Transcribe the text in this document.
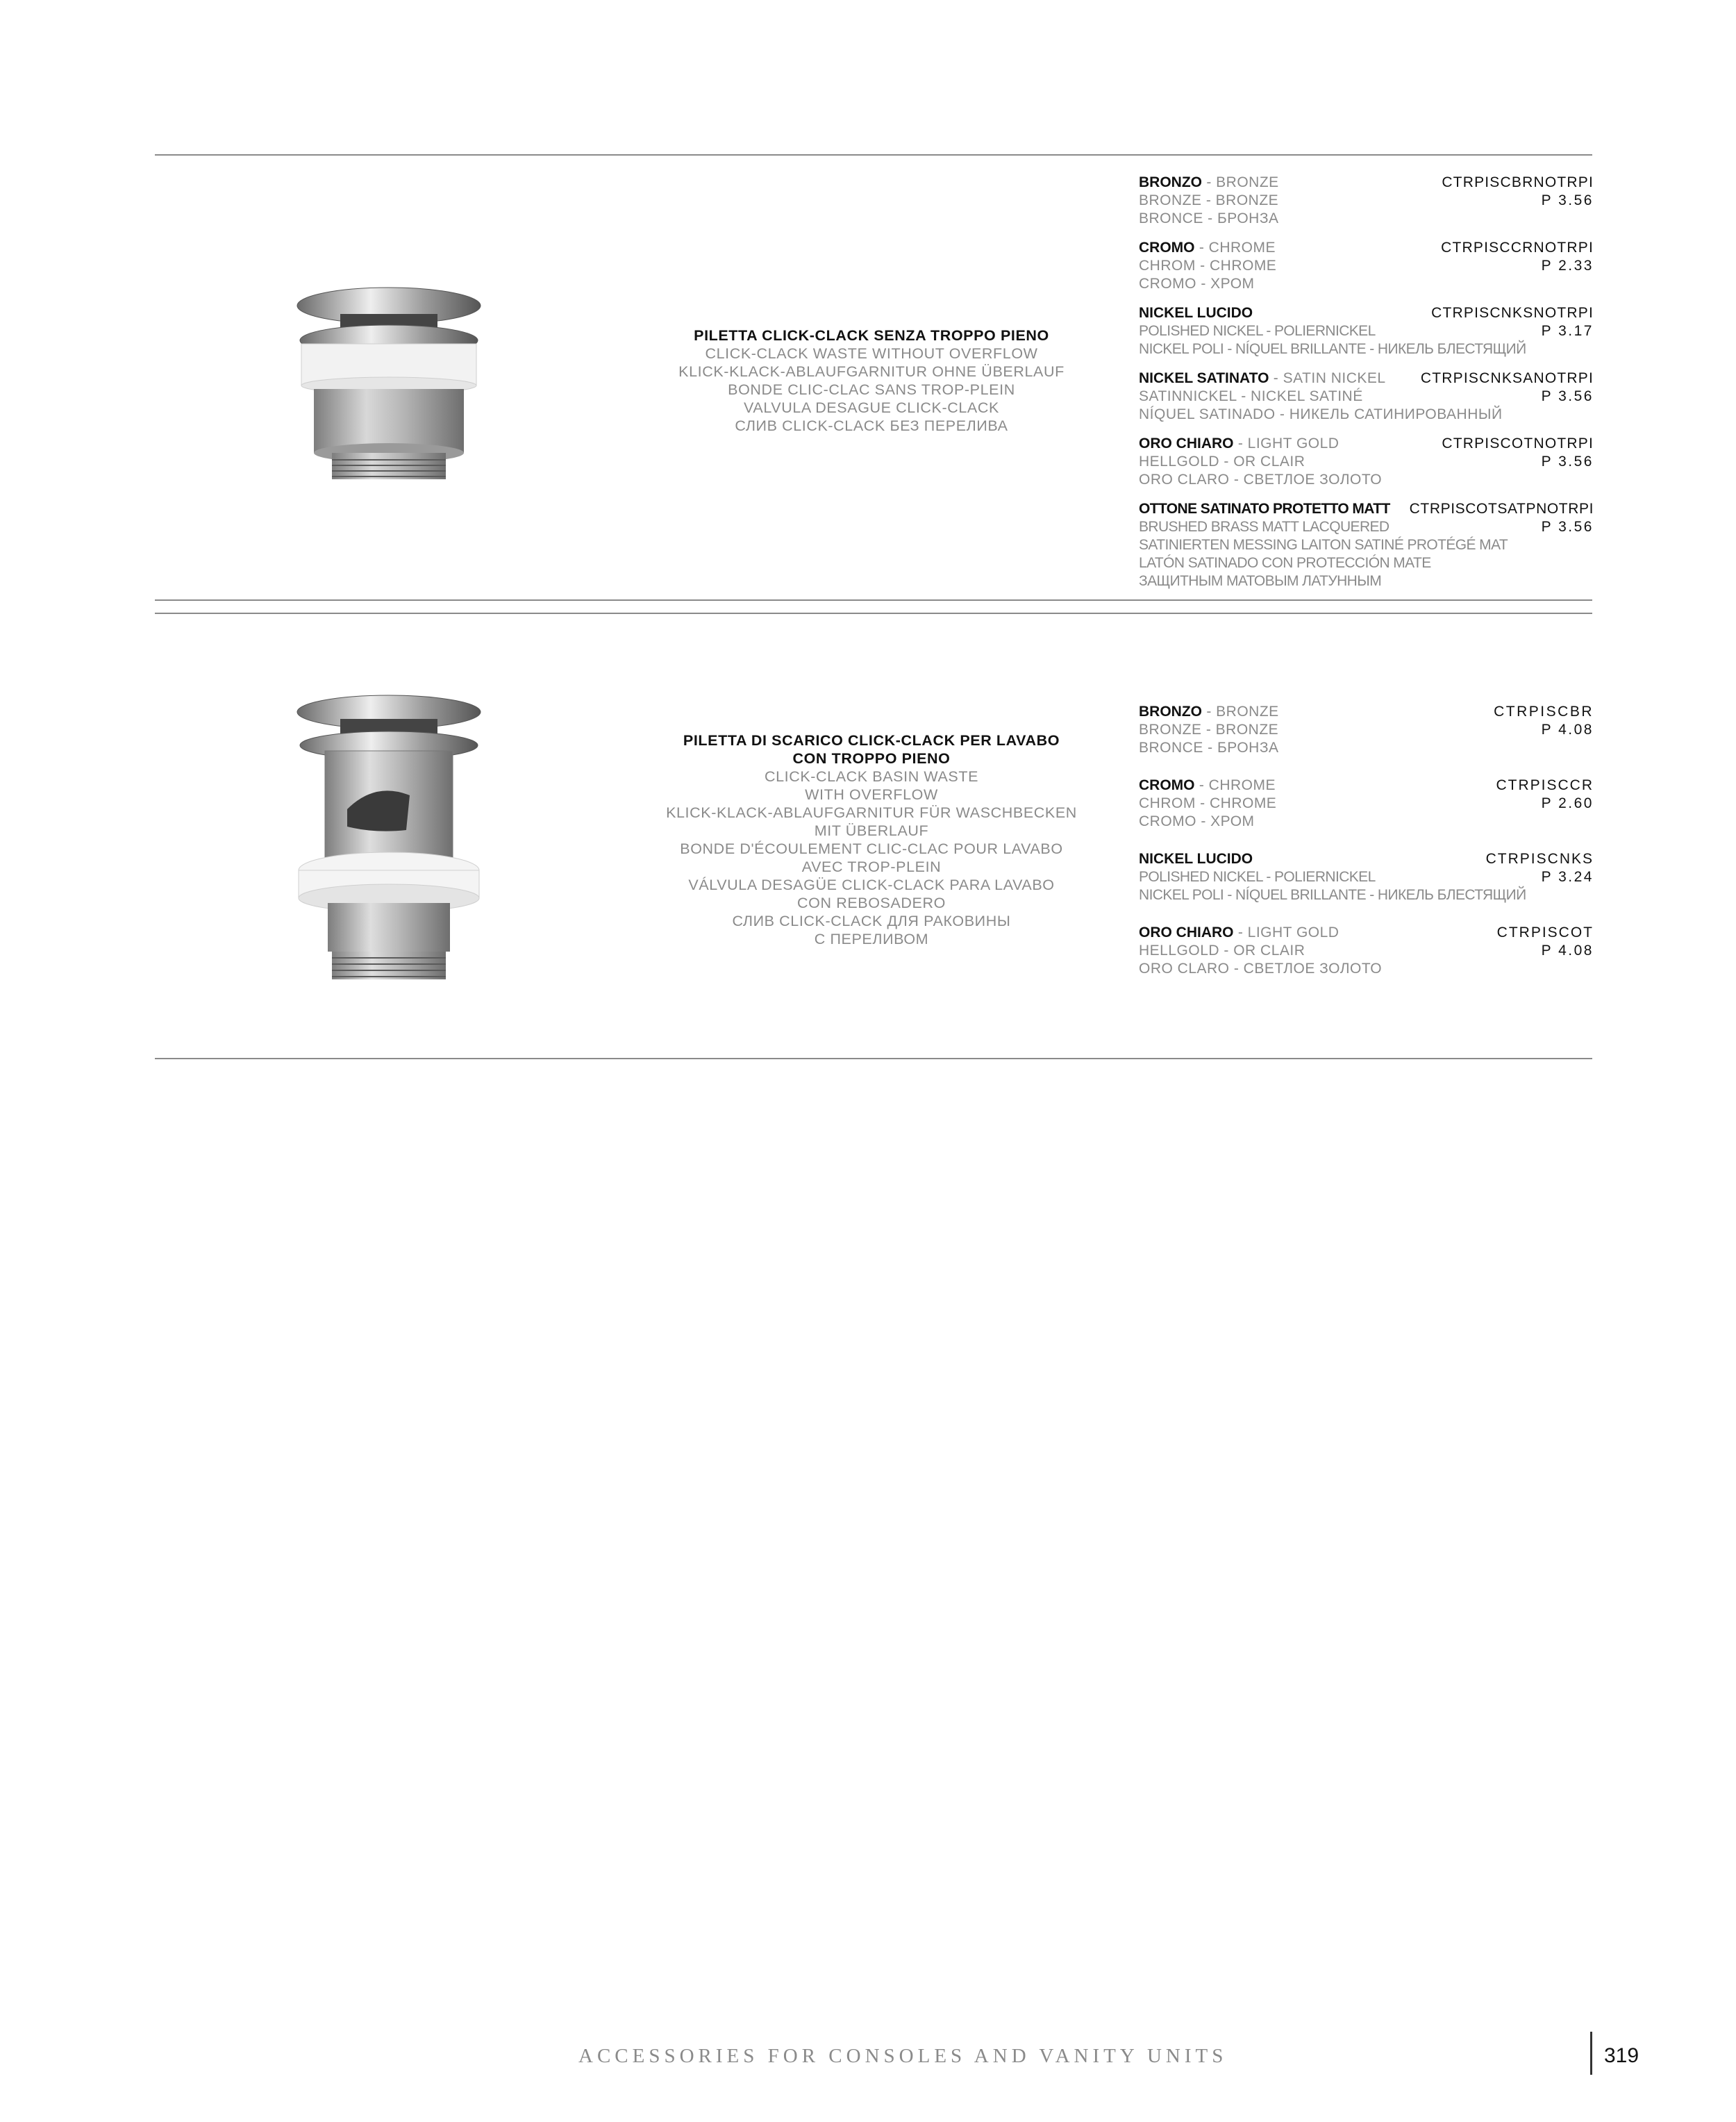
PILETTA CLICK-CLACK SENZA TROPPO PIENO
CLICK-CLACK WASTE WITHOUT OVERFLOW
KLICK-KLACK-ABLAUFGARNITUR OHNE ÜBERLAUF
BONDE CLIC-CLAC SANS TROP-PLEIN
VALVULA DESAGUE CLICK-CLACK
СЛИВ CLICK-CLACK БЕЗ ПЕРЕЛИВА
BRONZO - BRONZE
BRONZE - BRONZE
BRONCE - БРОНЗА
CTRPISCBRNOTRPI
P 3.56
CROMO - CHROME
CHROM - CHROME
CROMO - ХРОМ
CTRPISCCRNOTRPI
P 2.33
NICKEL LUCIDO
POLISHED NICKEL - POLIERNICKEL
NICKEL POLI - NÍQUEL BRILLANTE - НИКЕЛЬ БЛЕСТЯЩИЙ
CTRPISCNKSNOTRPI
P 3.17
NICKEL SATINATO - SATIN NICKEL
SATINNICKEL - NICKEL SATINÉ
NÍQUEL SATINADO - НИКЕЛЬ САТИНИРОВАННЫЙ
CTRPISCNKSANOTRPI
P 3.56
ORO CHIARO - LIGHT GOLD
HELLGOLD - OR CLAIR
ORO CLARO - СВЕТЛОЕ ЗОЛОТО
CTRPISCOTNOTRPI
P 3.56
OTTONE SATINATO PROTETTO MATT
BRUSHED BRASS MATT LACQUERED
SATINIERTEN MESSING LAITON SATINÉ PROTÉGÉ MAT
LATÓN SATINADO CON PROTECCIÓN MATE
ЗАЩИТНЫМ МАТОВЫМ ЛАТУННЫМ
CTRPISCOTSATPNOTRPI
P 3.56
PILETTA DI SCARICO CLICK-CLACK PER LAVABO
CON TROPPO PIENO
CLICK-CLACK BASIN WASTE
WITH OVERFLOW
KLICK-KLACK-ABLAUFGARNITUR FÜR WASCHBECKEN
MIT ÜBERLAUF
BONDE D'ÉCOULEMENT CLIC-CLAC POUR LAVABO
AVEC TROP-PLEIN
VÁLVULA DESAGÜE CLICK-CLACK PARA LAVABO
CON REBOSADERO
СЛИВ CLICK-CLACK ДЛЯ РАКОВИНЫ
С ПЕРЕЛИВОМ
BRONZO - BRONZE
BRONZE - BRONZE
BRONCE - БРОНЗА
CTRPISCBR
P 4.08
CROMO - CHROME
CHROM - CHROME
CROMO - ХРОМ
CTRPISCCR
P 2.60
NICKEL LUCIDO
POLISHED NICKEL - POLIERNICKEL
NICKEL POLI - NÍQUEL BRILLANTE - НИКЕЛЬ БЛЕСТЯЩИЙ
CTRPISCNKS
P 3.24
ORO CHIARO - LIGHT GOLD
HELLGOLD - OR CLAIR
ORO CLARO - СВЕТЛОЕ ЗОЛОТО
CTRPISCOT
P 4.08
ACCESSORIES FOR CONSOLES AND VANITY UNITS	319
